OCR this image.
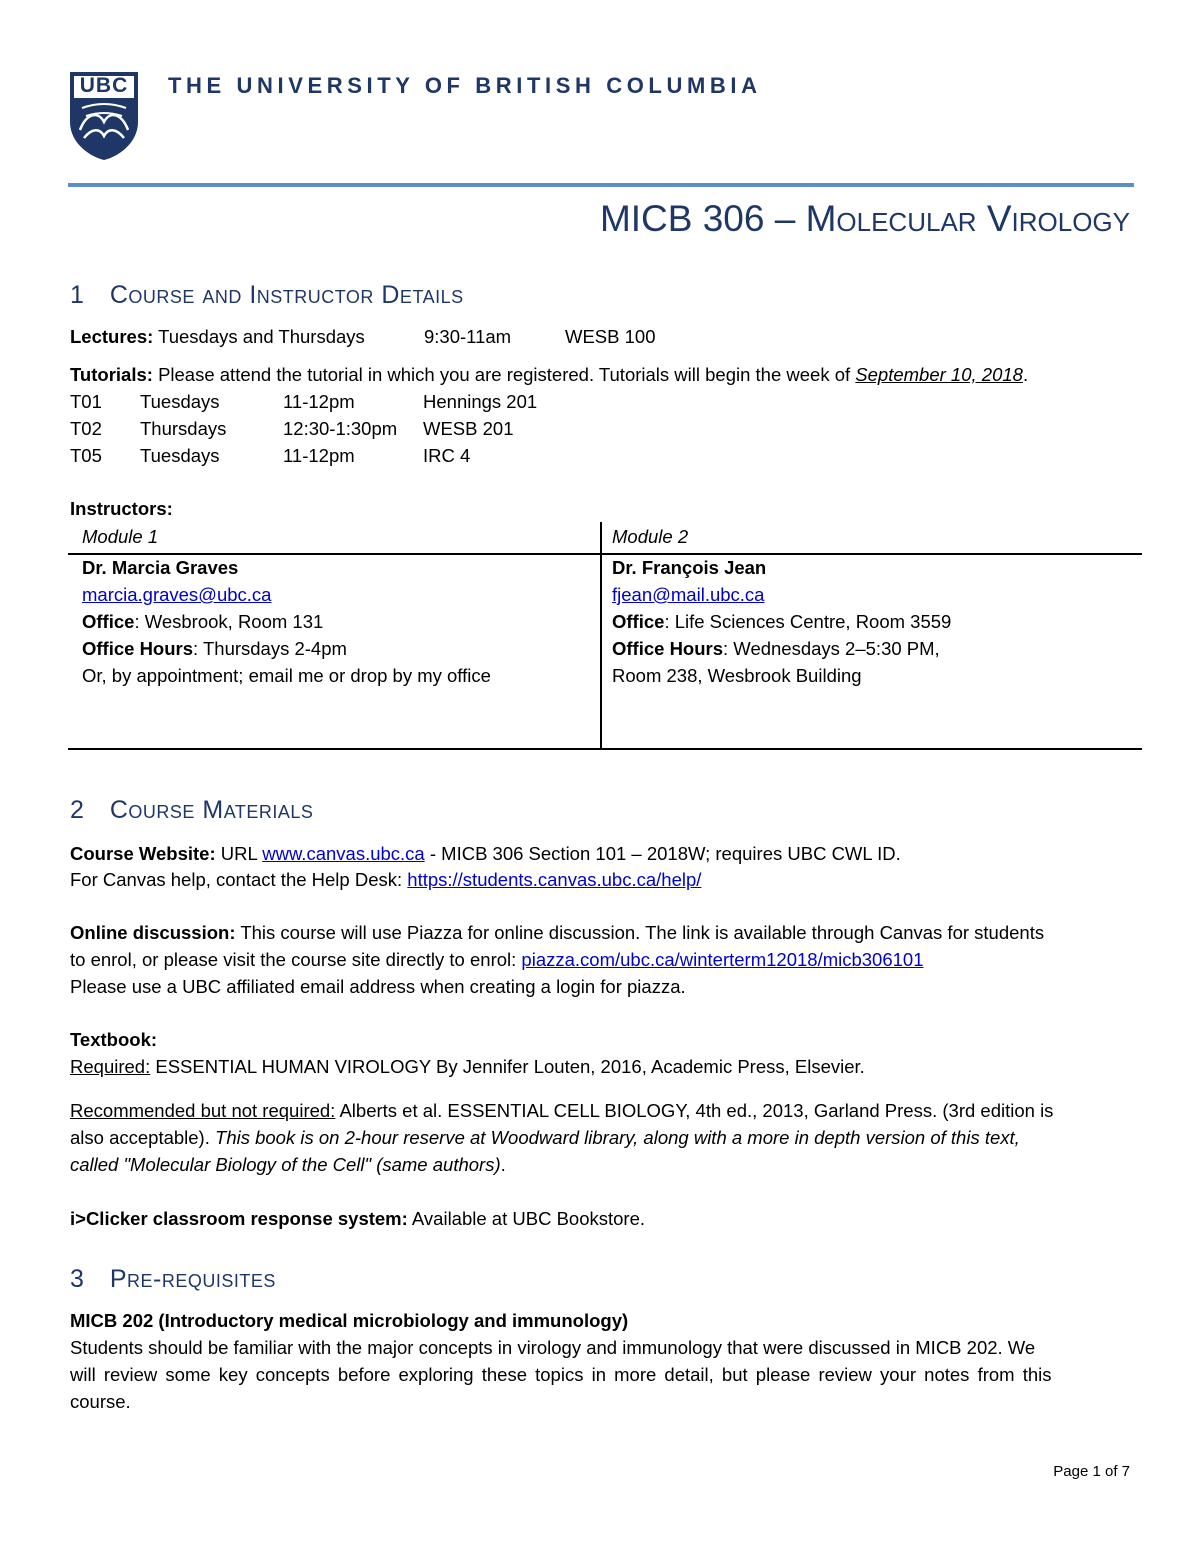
UBC THE UNIVERSITY OF BRITISH COLUMBIA
MICB 306 – Molecular Virology
1 Course and Instructor Details
Lectures: Tuesdays and Thursdays	9:30-11am	WESB 100
Tutorials: Please attend the tutorial in which you are registered. Tutorials will begin the week of September 10, 2018.
T01 Tuesdays	11-12pm	Hennings 201
T02 Thursdays	12:30-1:30pm WESB 201
T05 Tuesdays	11-12pm	IRC 4
Instructors:
Module 1	Module 2
Dr. Marcia Graves
marcia.graves@ubc.ca
Office: Wesbrook, Room 131
Office Hours: Thursdays 2-4pm
Or, by appointment; email me or drop by my office
Dr. François Jean
fjean@mail.ubc.ca
Office: Life Sciences Centre, Room 3559
Office Hours: Wednesdays 2–5:30 PM,
Room 238, Wesbrook Building
2 Course Materials
Course Website: URL www.canvas.ubc.ca - MICB 306 Section 101 – 2018W; requires UBC CWL ID.
For Canvas help, contact the Help Desk: https://students.canvas.ubc.ca/help/
Online discussion: This course will use Piazza for online discussion. The link is available through Canvas for students
to enrol, or please visit the course site directly to enrol: piazza.com/ubc.ca/winterterm12018/micb306101
Please use a UBC affiliated email address when creating a login for piazza.
Textbook:
Required: ESSENTIAL HUMAN VIROLOGY By Jennifer Louten, 2016, Academic Press, Elsevier.
Recommended but not required: Alberts et al. ESSENTIAL CELL BIOLOGY, 4th ed., 2013, Garland Press. (3rd edition is
also acceptable). This book is on 2-hour reserve at Woodward library, along with a more in depth version of this text,
called "Molecular Biology of the Cell" (same authors).
i>Clicker classroom response system: Available at UBC Bookstore.
3 Pre-requisites
MICB 202 (Introductory medical microbiology and immunology)
Students should be familiar with the major concepts in virology and immunology that were discussed in MICB 202. We
will review some key concepts before exploring these topics in more detail, but please review your notes from this
course.
Page 1 of 7
